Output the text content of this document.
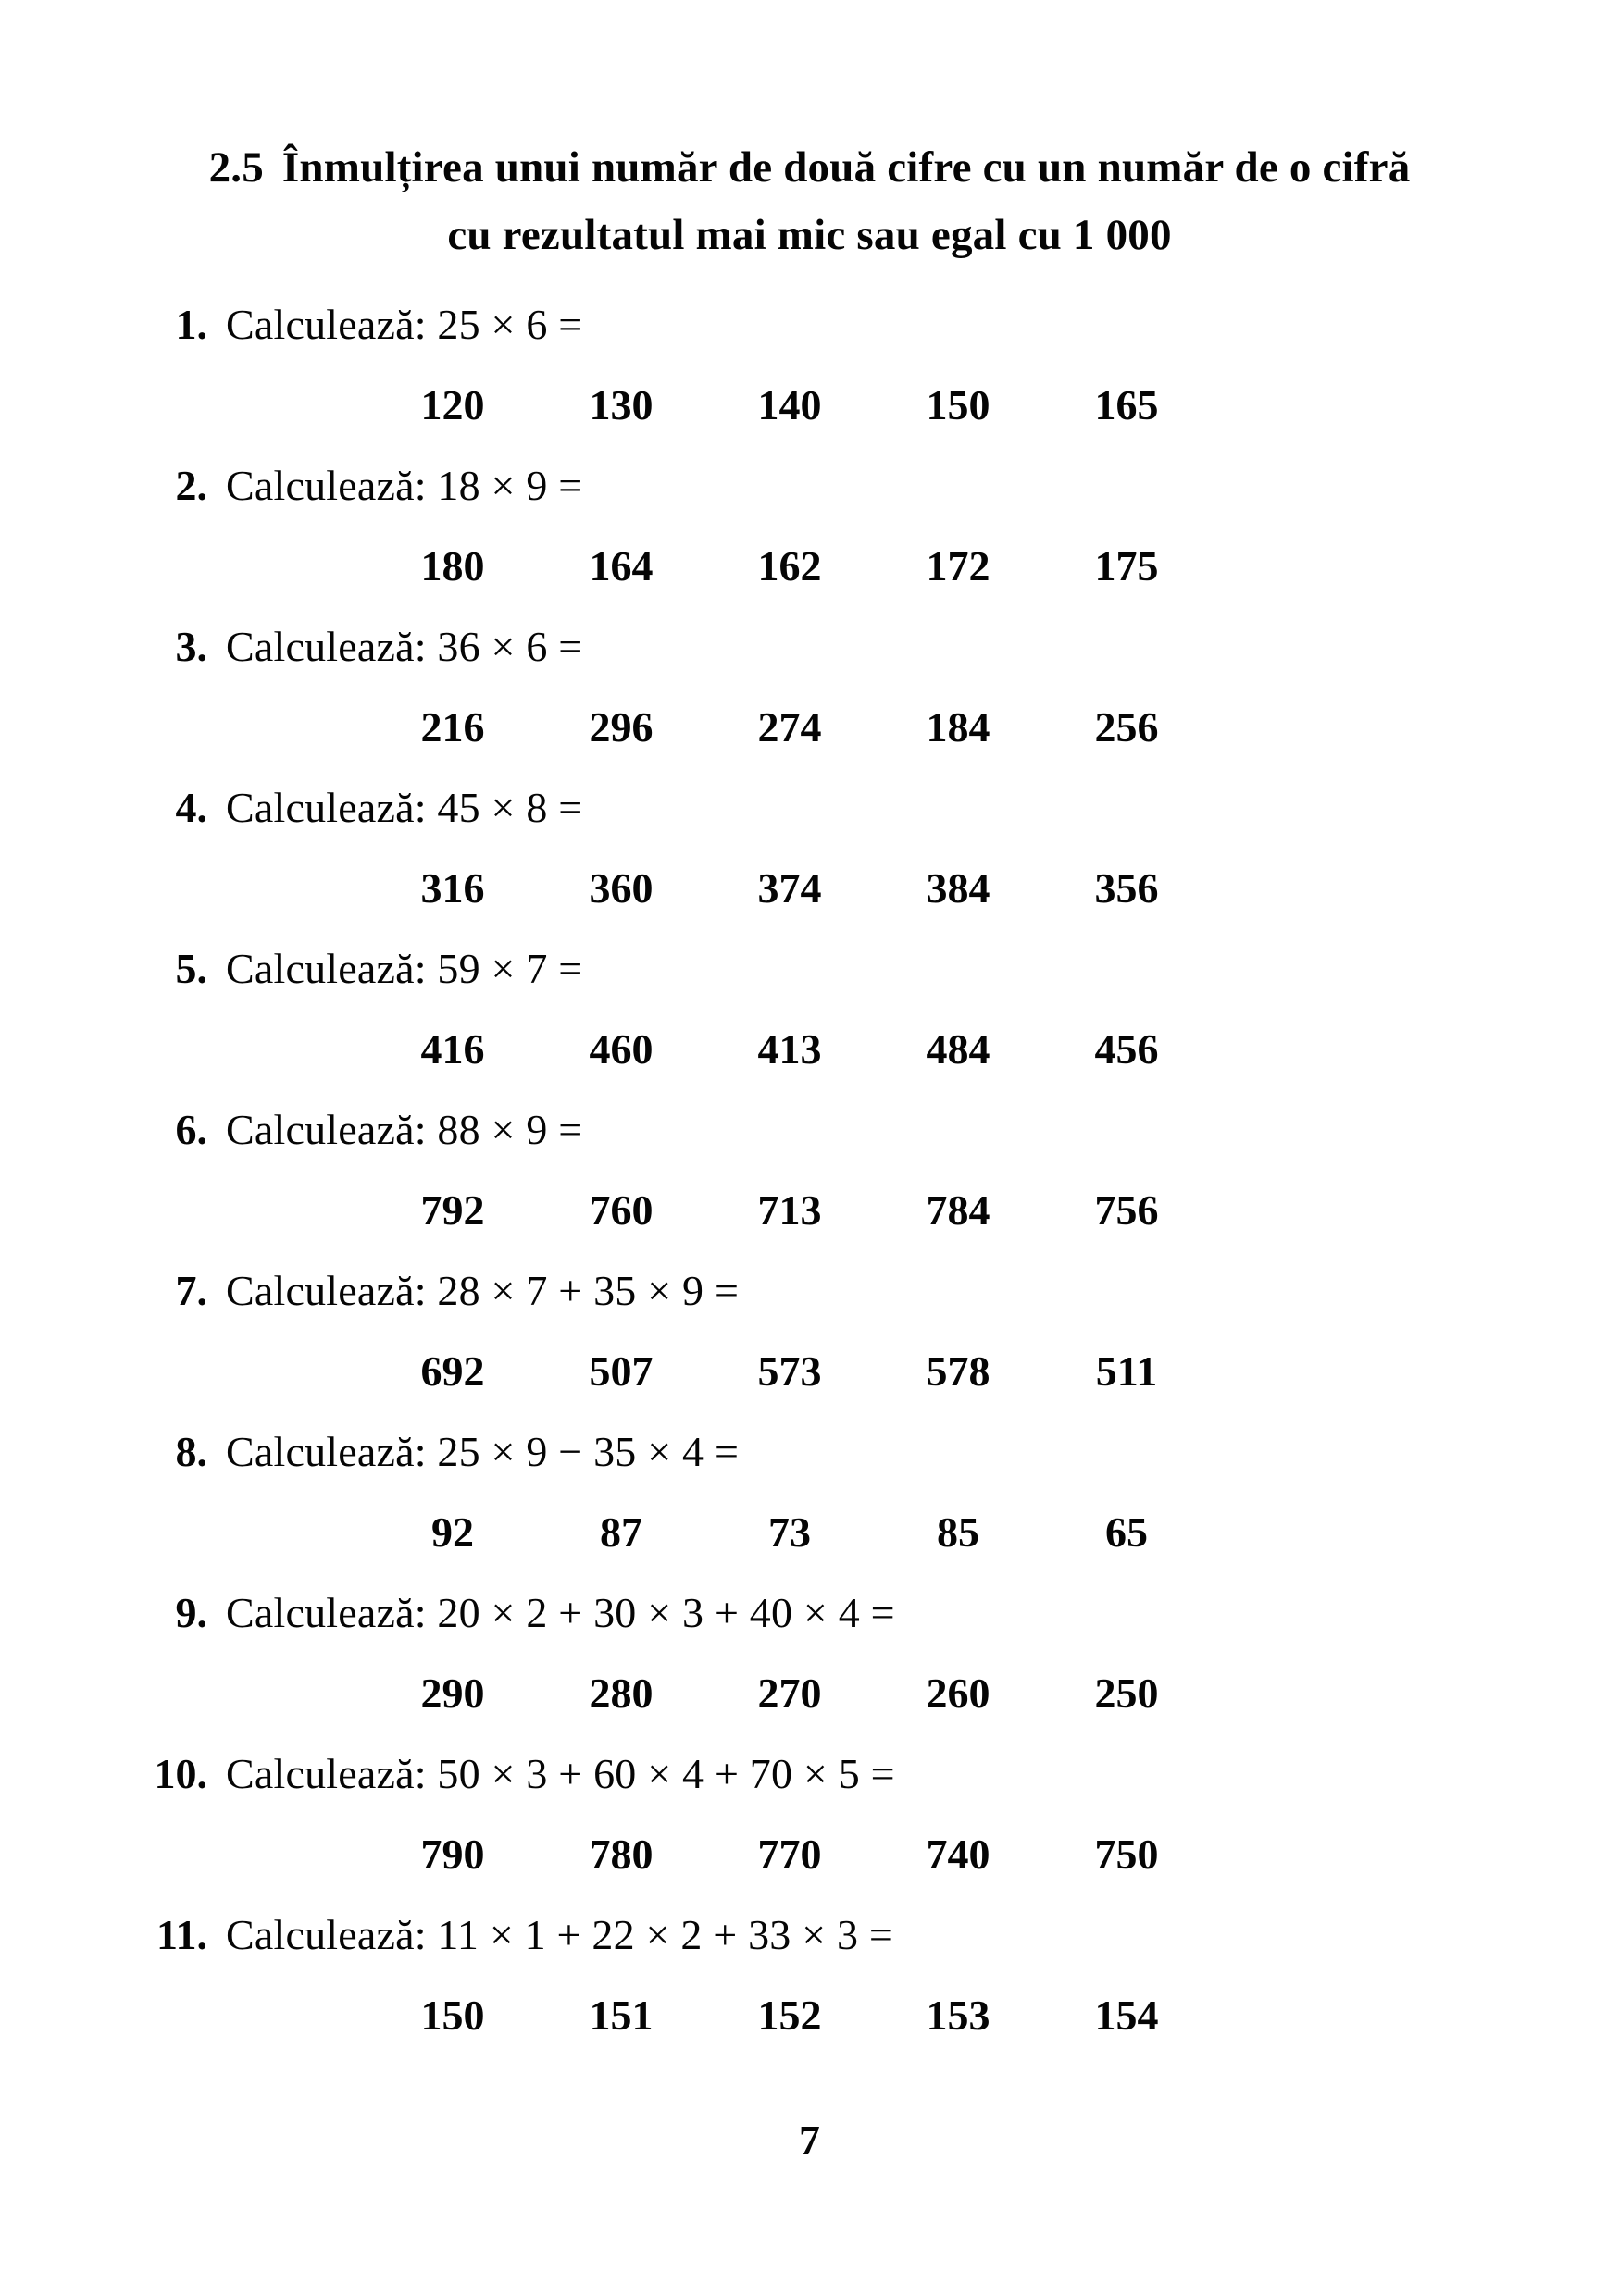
2.5 Înmulțirea unui număr de două cifre cu un număr de o cifră
cu rezultatul mai mic sau egal cu 1 000
1. Calculează: 25 × 6 =
120	130	140	150	165
2. Calculează: 18 × 9 =
180	164	162	172	175
3. Calculează: 36 × 6 =
216	296	274	184	256
4. Calculează: 45 × 8 =
316	360	374	384	356
5. Calculează: 59 × 7 =
416	460	413	484	456
6. Calculează: 88 × 9 =
792	760	713	784	756
7. Calculează: 28 × 7 + 35 × 9 =
692	507	573	578	511
8. Calculează: 25 × 9 − 35 × 4 =
92	87	73	85	65
9. Calculează: 20 × 2 + 30 × 3 + 40 × 4 =
290	280	270	260	250
10. Calculează: 50 × 3 + 60 × 4 + 70 × 5 =
790	780	770	740	750
11. Calculează: 11 × 1 + 22 × 2 + 33 × 3 =
150	151	152	153	154
7
